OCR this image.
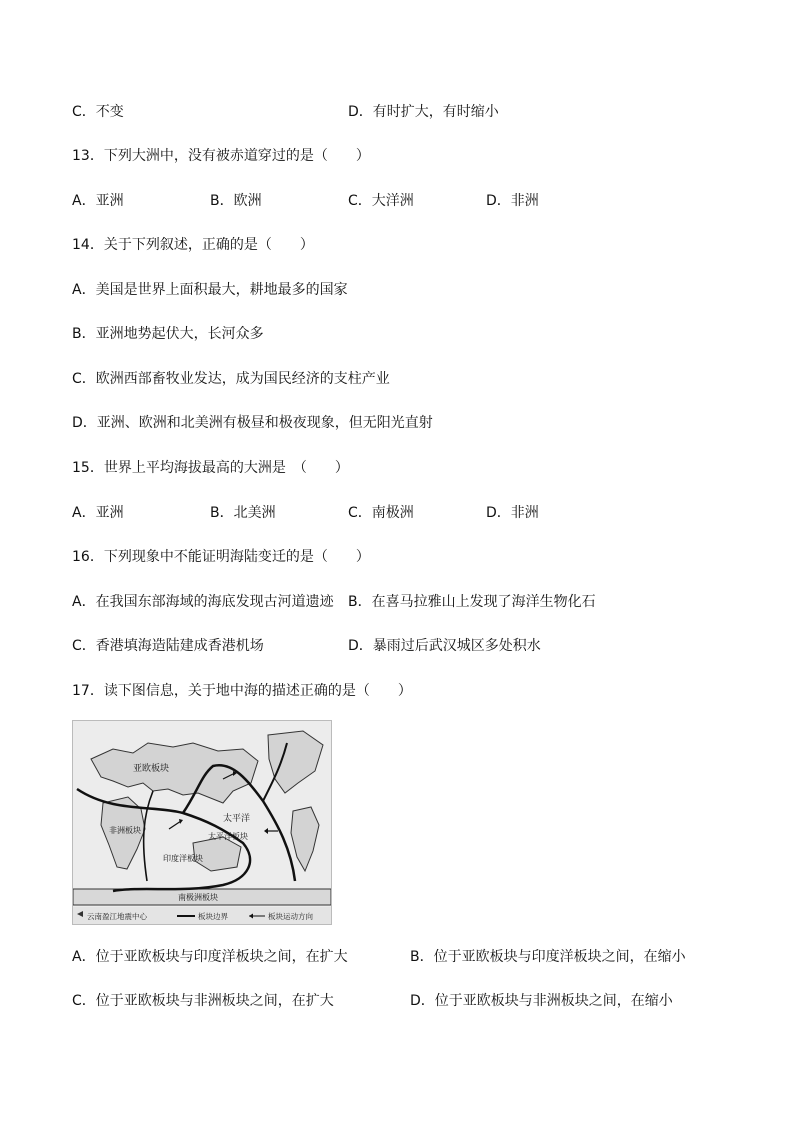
C．不变	D．有时扩大，有时缩小
13．下列大洲中，没有被赤道穿过的是（　　）
A．亚洲	B．欧洲	C．大洋洲	D．非洲
14．关于下列叙述，正确的是（　　）
A．美国是世界上面积最大，耕地最多的国家
B．亚洲地势起伏大，长河众多
C．欧洲西部畜牧业发达，成为国民经济的支柱产业
D．亚洲、欧洲和北美洲有极昼和极夜现象，但无阳光直射
15．世界上平均海拔最高的大洲是　（　　）
A．亚洲	B．北美洲	C．南极洲	D．非洲
16．下列现象中不能证明海陆变迁的是（　　）
A．在我国东部海域的海底发现古河道遗迹 B．在喜马拉雅山上发现了海洋生物化石
C．香港填海造陆建成香港机场	D．暴雨过后武汉城区多处积水
17．读下图信息，关于地中海的描述正确的是（　　）
亚欧板块
非洲板块
太平洋
太平洋板块
印度洋板块
南极洲板块
云南盈江地震中心	板块边界	板块运动方向
A．位于亚欧板块与印度洋板块之间，在扩大	B．位于亚欧板块与印度洋板块之间，在缩小
C．位于亚欧板块与非洲板块之间，在扩大	D．位于亚欧板块与非洲板块之间，在缩小
